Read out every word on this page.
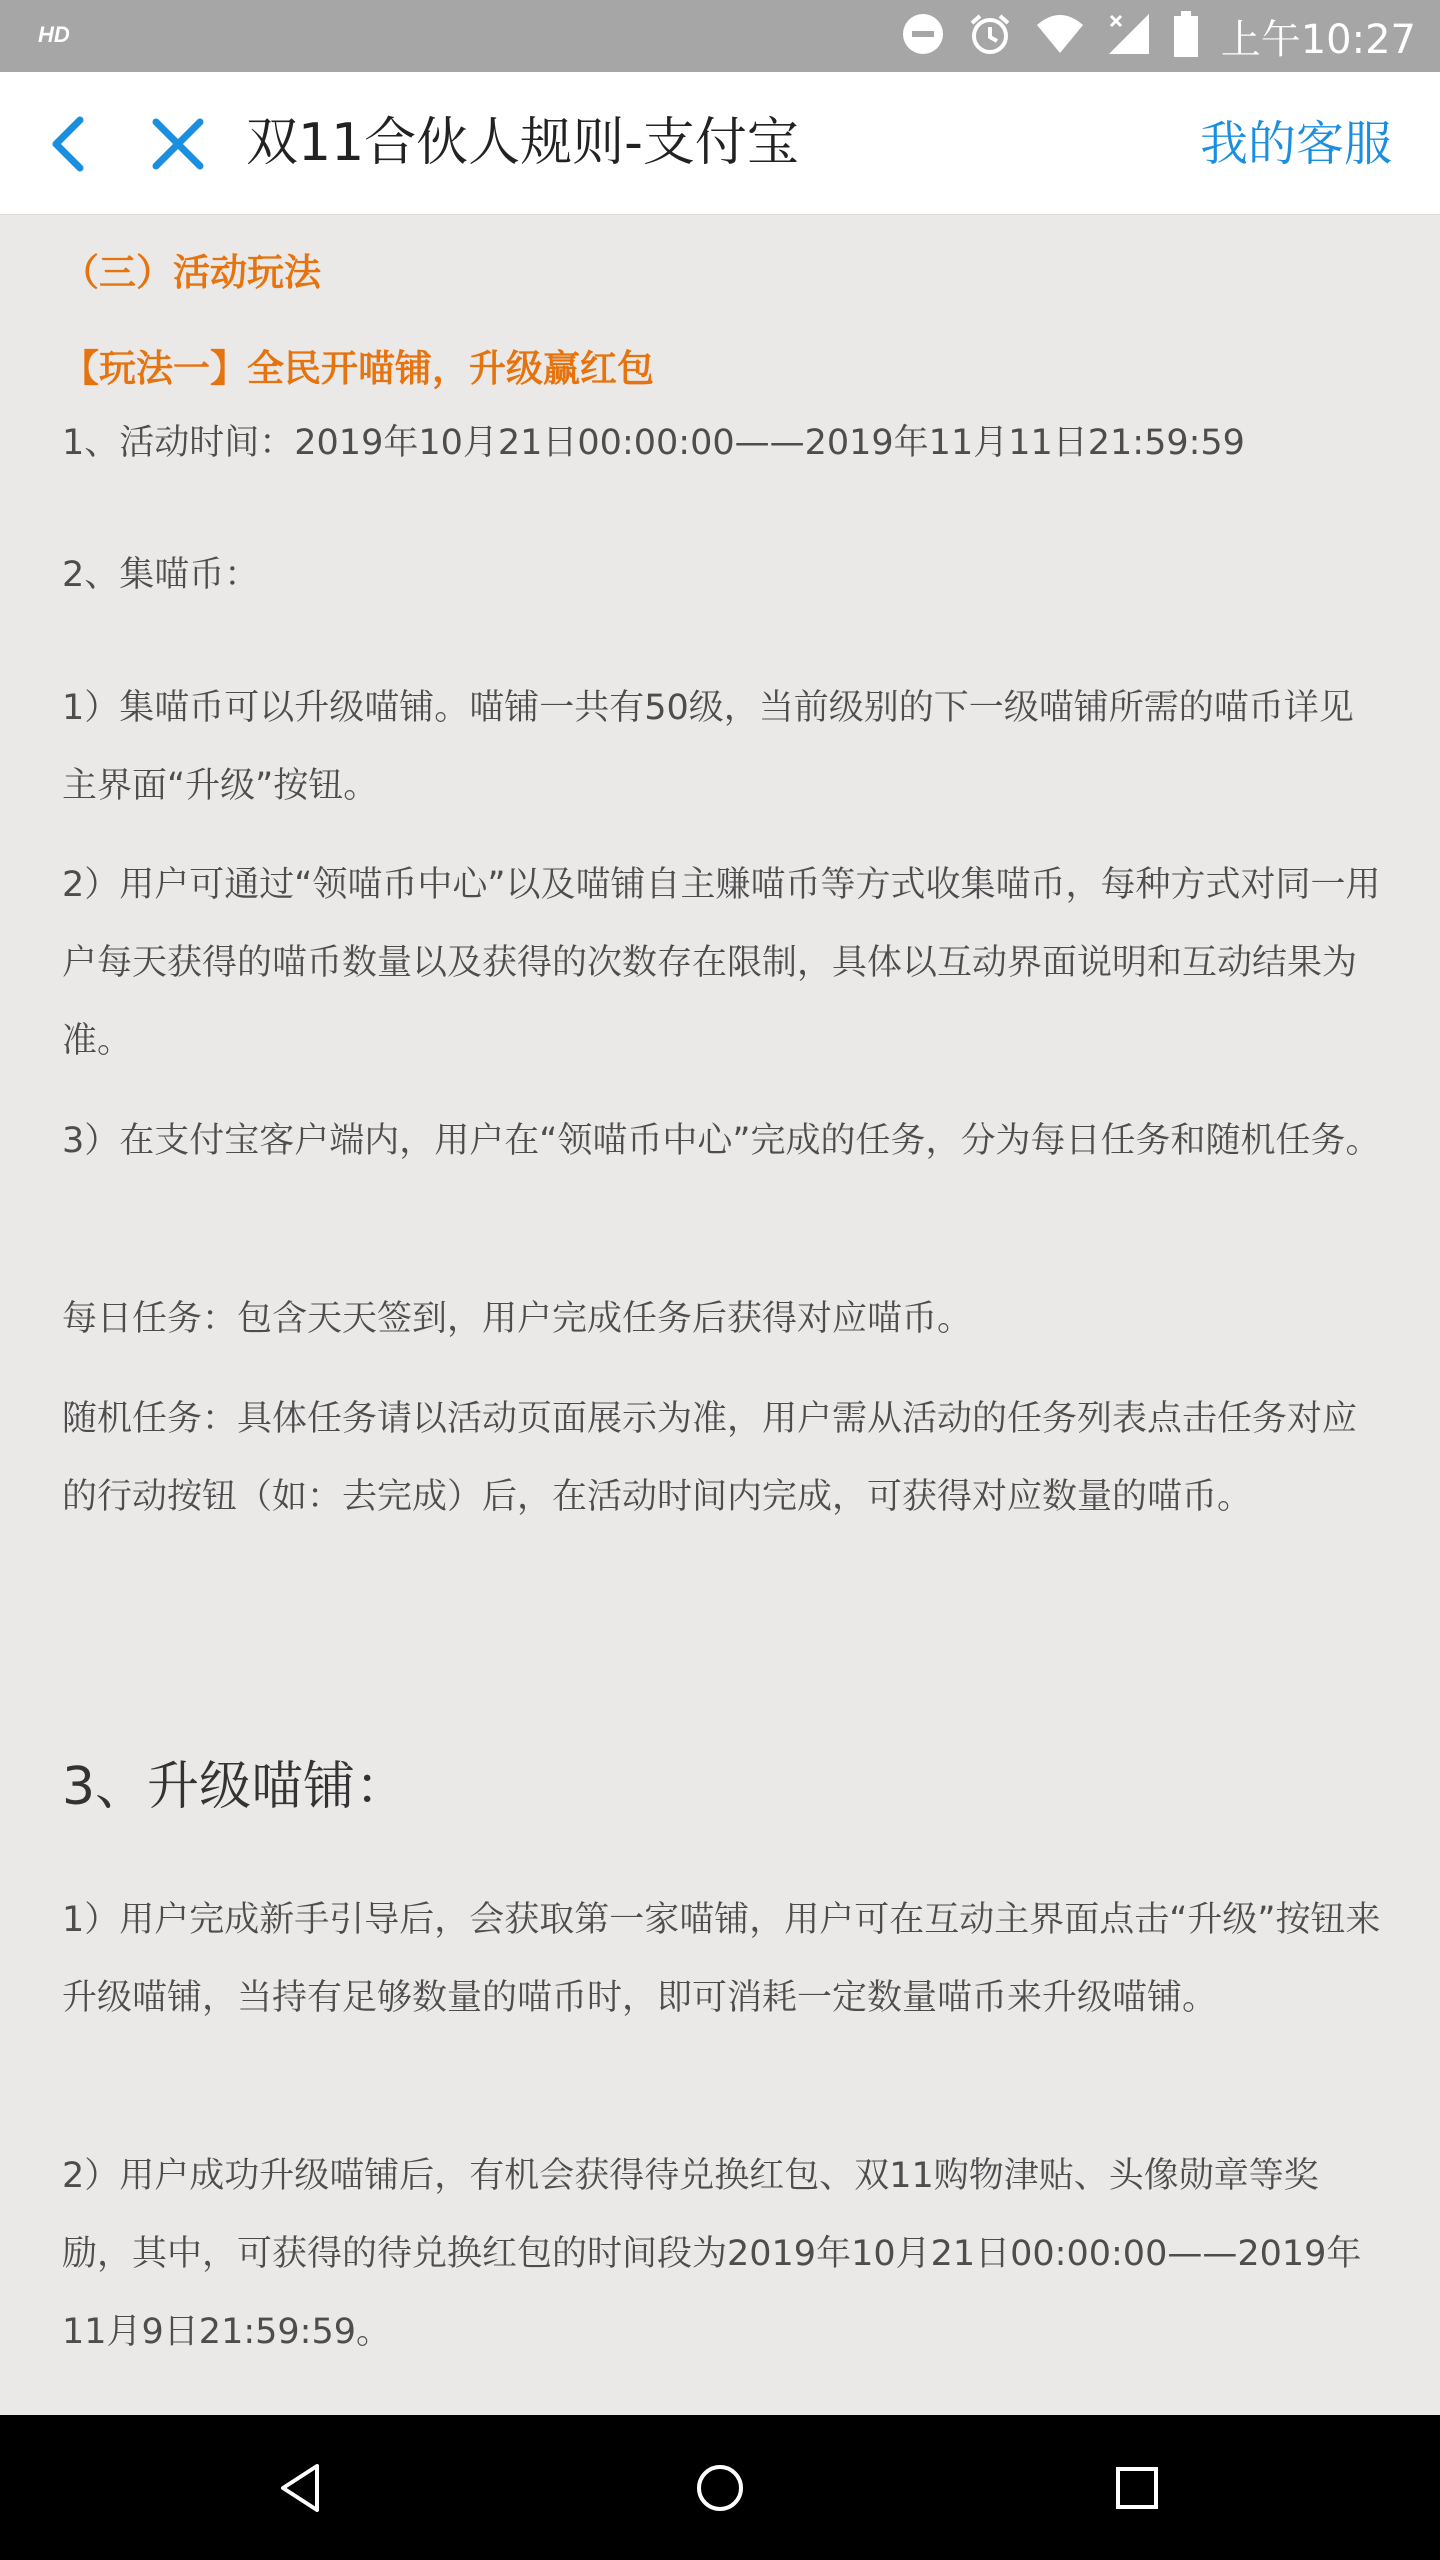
HD	上午10:27
双11合伙人规则-支付宝	我的客服
（三）活动玩法
【玩法一】全民开喵铺，升级赢红包

1、活动时间：2019年10月21日00:00:00——2019年11月11日21:59:59

2、集喵币：

1）集喵币可以升级喵铺。喵铺一共有50级，当前级别的下一级喵铺所需的喵币详见主界面“升级”按钮。

2）用户可通过“领喵币中心”以及喵铺自主赚喵币等方式收集喵币，每种方式对同一用户每天获得的喵币数量以及获得的次数存在限制，具体以互动界面说明和互动结果为准。

3）在支付宝客户端内，用户在“领喵币中心”完成的任务，分为每日任务和随机任务。

每日任务：包含天天签到，用户完成任务后获得对应喵币。

随机任务：具体任务请以活动页面展示为准，用户需从活动的任务列表点击任务对应的行动按钮（如：去完成）后，在活动时间内完成，可获得对应数量的喵币。

3、升级喵铺：

1）用户完成新手引导后，会获取第一家喵铺，用户可在互动主界面点击“升级”按钮来升级喵铺，当持有足够数量的喵币时，即可消耗一定数量喵币来升级喵铺。

2）用户成功升级喵铺后，有机会获得待兑换红包、双11购物津贴、头像勋章等奖励，其中，可获得的待兑换红包的时间段为2019年10月21日00:00:00——2019年11月9日21:59:59。
